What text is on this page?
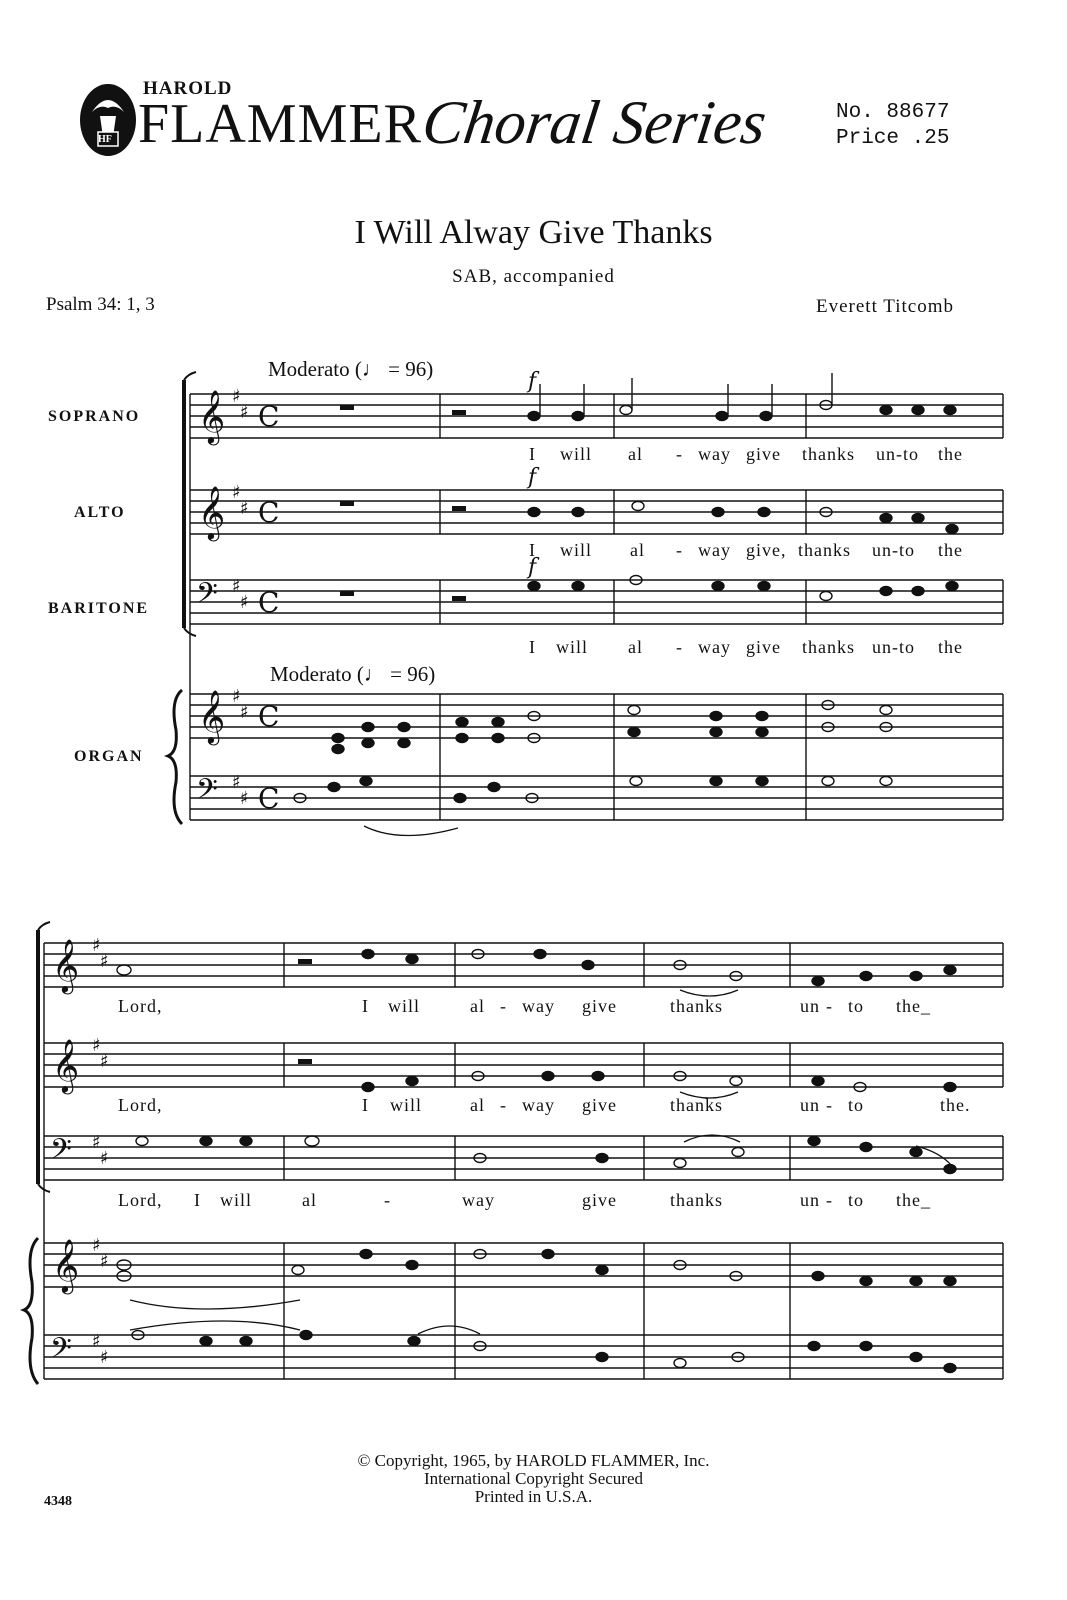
HF
HAROLD
FLAMMER
Choral Series	No. 88677
Price .25
I Will Alway Give Thanks
SAB, accompanied
Psalm 34: 1, 3	Everett Titcomb
SOPRANO
ALTO
BARITONE
ORGAN
Moderato (♩ = 96)
Moderato (♩ = 96)
𝄞
𝄞
𝄢
𝄞
𝄢
𝄞
𝄞
𝄢
𝄞
𝄢
♯
♯
♯
♯
♯
♯
♯
♯
♯
♯
♯
♯
♯
♯
♯
♯
♯
♯
♯
♯
C
C
C
C
C
f
f
f
I will al - way give thanks un-to the
I will al - way give, thanks un-to the
I will al - way give thanks un-to the
Lord,	I will	al - way give	thanks	un - to the_
Lord,	I will	al - way give	thanks	un - to	the.
Lord, I will	al	-	way	give	thanks	un - to the_
© Copyright, 1965, by HAROLD FLAMMER, Inc.
International Copyright Secured
Printed in U.S.A.
4348
